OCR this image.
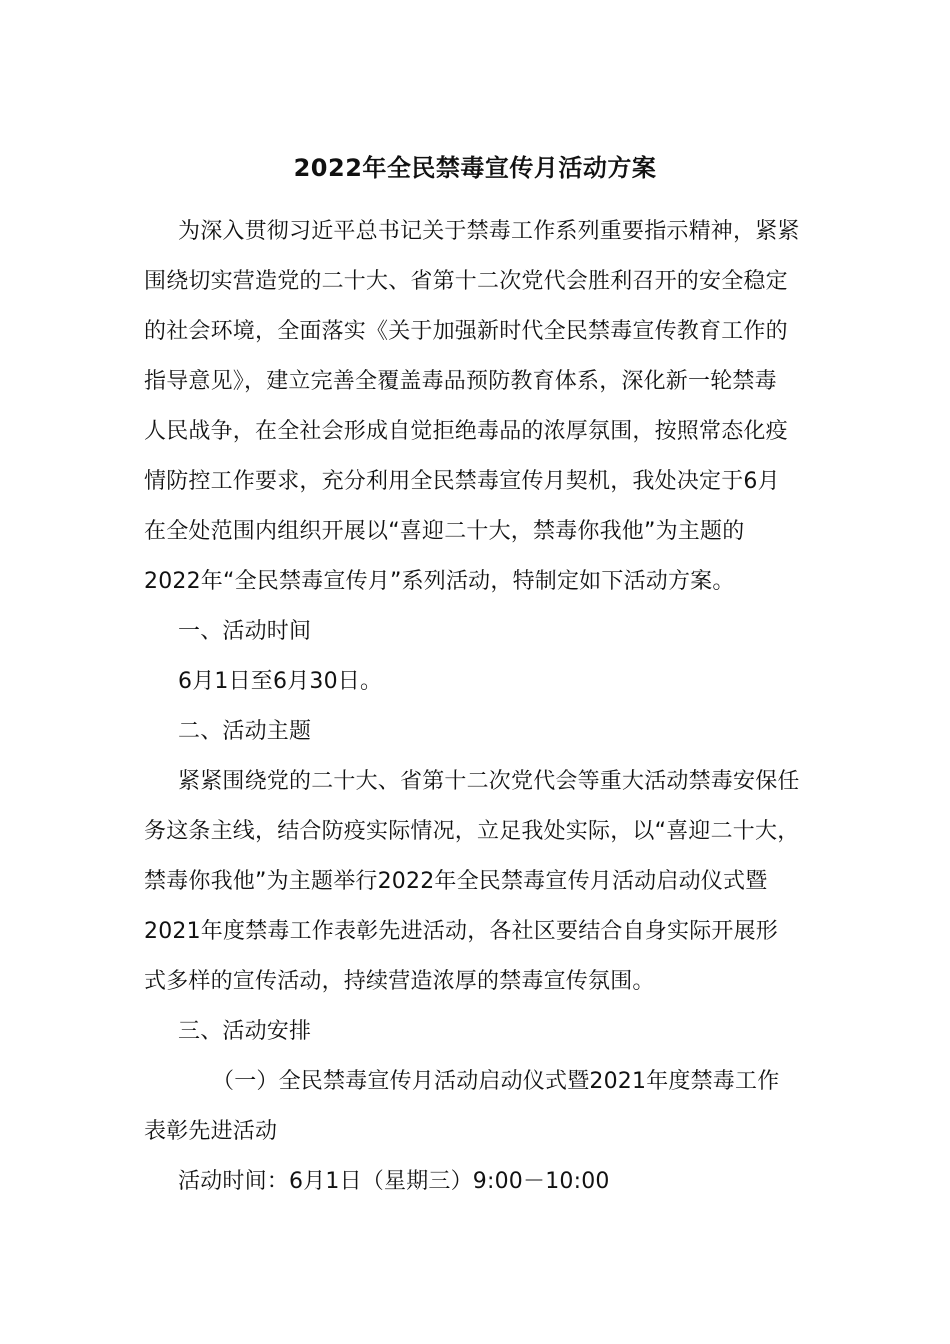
2022年全民禁毒宣传月活动方案
为深入贯彻习近平总书记关于禁毒工作系列重要指示精神，紧紧
围绕切实营造党的二十大、省第十二次党代会胜利召开的安全稳定
的社会环境，全面落实《关于加强新时代全民禁毒宣传教育工作的
指导意见》，建立完善全覆盖毒品预防教育体系，深化新一轮禁毒
人民战争，在全社会形成自觉拒绝毒品的浓厚氛围，按照常态化疫
情防控工作要求，充分利用全民禁毒宣传月契机，我处决定于6月
在全处范围内组织开展以“喜迎二十大，禁毒你我他”为主题的
2022年“全民禁毒宣传月”系列活动，特制定如下活动方案。
一、活动时间
6月1日至6月30日。
二、活动主题
紧紧围绕党的二十大、省第十二次党代会等重大活动禁毒安保任
务这条主线，结合防疫实际情况，立足我处实际，以“喜迎二十大，
禁毒你我他”为主题举行2022年全民禁毒宣传月活动启动仪式暨
2021年度禁毒工作表彰先进活动，各社区要结合自身实际开展形
式多样的宣传活动，持续营造浓厚的禁毒宣传氛围。
三、活动安排
（一）全民禁毒宣传月活动启动仪式暨2021年度禁毒工作
表彰先进活动
活动时间：6月1日（星期三）9:00－10:00
